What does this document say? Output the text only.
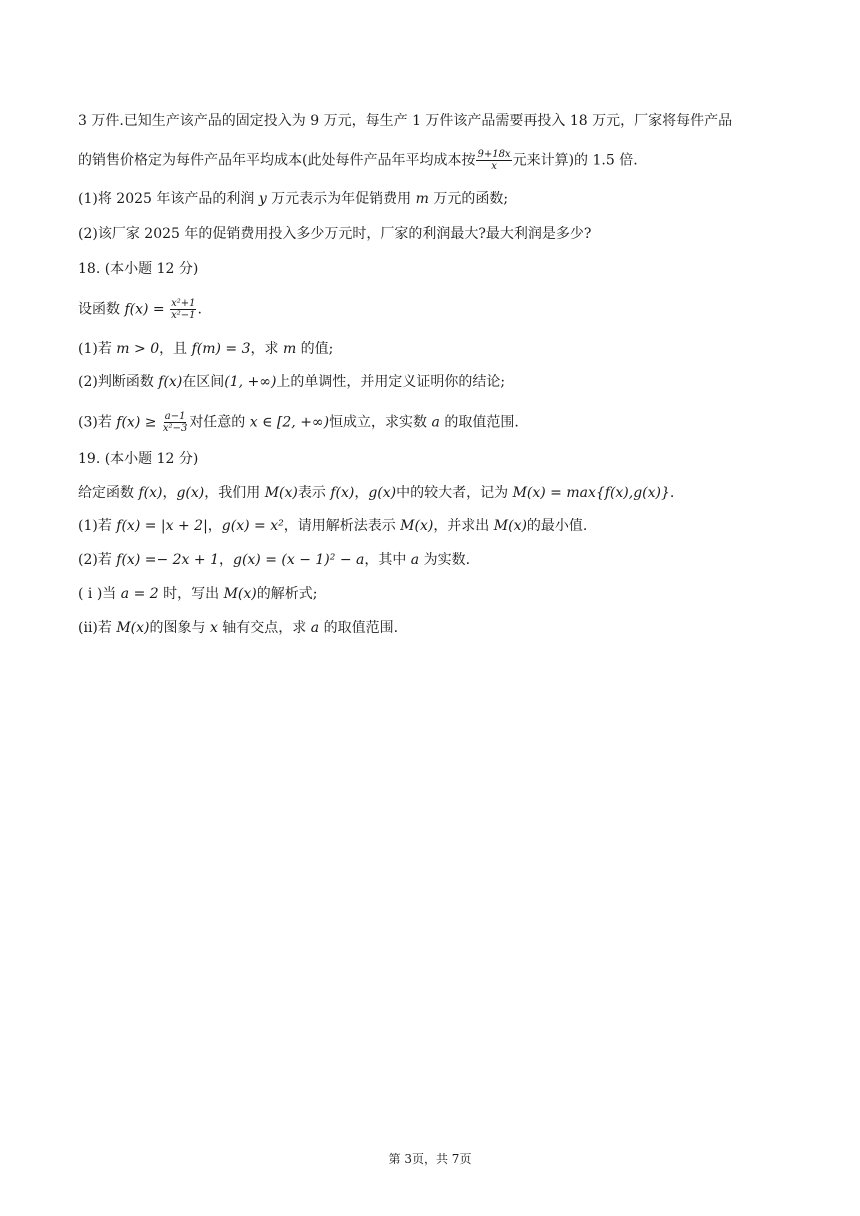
3 万件.已知生产该产品的固定投入为 9 万元，每生产 1 万件该产品需要再投入 18 万元，厂家将每件产品
的销售价格定为每件产品年平均成本(此处每件产品年平均成本按 $\frac{9+18x}{x}$ 元来计算)的 1.5 倍.
(1)将 2025 年该产品的利润 y 万元表示为年促销费用 m 万元的函数;
(2)该厂家 2025 年的促销费用投入多少万元时，厂家的利润最大?最大利润是多少?
18. (本小题 12 分)
设函数 $f(x) = \frac{\text{x²+1}}{\text{x²−1}}$ .
(1)若 m > 0，且 f(m) = 3，求 m 的值;
(2)判断函数 f(x)在区间(1, +∞)上的单调性，并用定义证明你的结论;
(3)若 $f(x) \ge \frac{a-1}{\text{x²−3}}$ 对任意的 x ∈ [2, +∞)恒成立，求实数 a 的取值范围.
19. (本小题 12 分)
给定函数 f(x)，g(x)，我们用 M(x)表示 f(x)，g(x)中的较大者，记为 M(x) = max{f(x),g(x)}.
(1)若 f(x) = |x + 2|，g(x) = x²，请用解析法表示 M(x)，并求出 M(x)的最小值.
(2)若 f(x) =− 2x + 1，g(x) = (x − 1)² − a，其中 a 为实数.
( i )当 a = 2 时，写出 M(x)的解析式;
(ii)若 M(x)的图象与 x 轴有交点，求 a 的取值范围.
第 3页，共 7页
